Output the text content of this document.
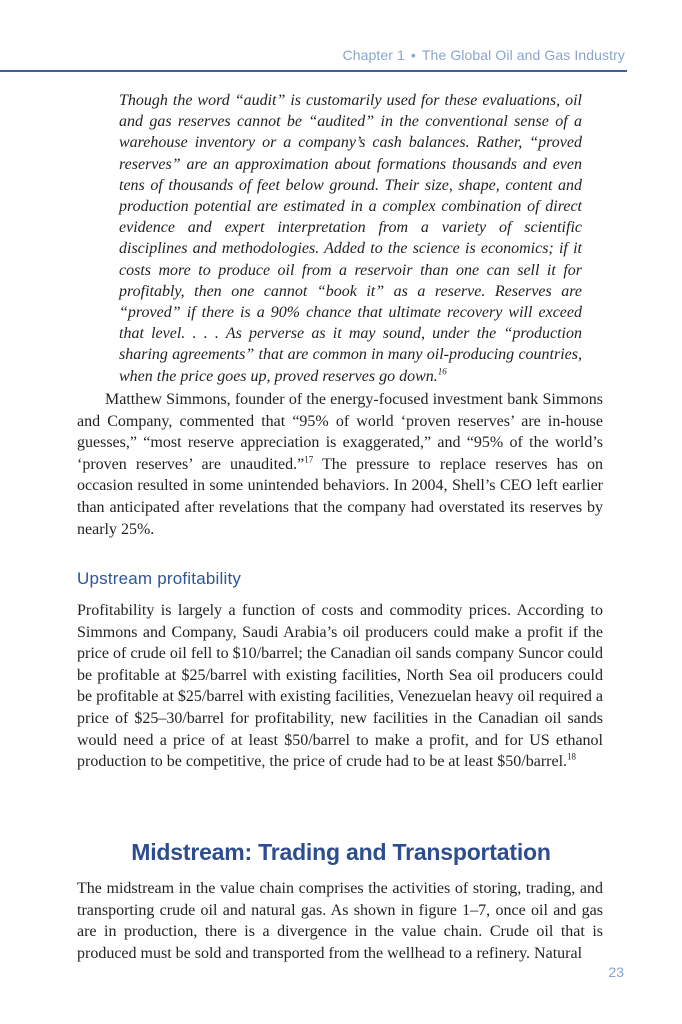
Chapter 1 • The Global Oil and Gas Industry
Though the word “audit” is customarily used for these evaluations, oil and gas reserves cannot be “audited” in the conventional sense of a warehouse inventory or a company’s cash balances. Rather, “proved reserves” are an approximation about formations thousands and even tens of thousands of feet below ground. Their size, shape, content and production potential are estimated in a complex combination of direct evidence and expert interpretation from a variety of scientific disciplines and methodologies. Added to the science is economics; if it costs more to produce oil from a reservoir than one can sell it for profitably, then one cannot “book it” as a reserve. Reserves are “proved” if there is a 90% chance that ultimate recovery will exceed that level. . . . As perverse as it may sound, under the “production sharing agreements” that are common in many oil-producing countries, when the price goes up, proved reserves go down.$^{16}$
Matthew Simmons, founder of the energy-focused investment bank Simmons and Company, commented that “95% of world ‘proven reserves’ are in-house guesses,” “most reserve appreciation is exaggerated,” and “95% of the world’s ‘proven reserves’ are unaudited.”$^{17}$ The pressure to replace reserves has on occasion resulted in some unintended behaviors. In 2004, Shell’s CEO left earlier than anticipated after revelations that the company had overstated its reserves by nearly 25%.
Upstream profitability
Profitability is largely a function of costs and commodity prices. According to Simmons and Company, Saudi Arabia’s oil producers could make a profit if the price of crude oil fell to $10/barrel; the Canadian oil sands company Suncor could be profitable at $25/barrel with existing facilities, North Sea oil producers could be profitable at $25/barrel with existing facilities, Venezuelan heavy oil required a price of $25–30/barrel for profitability, new facilities in the Canadian oil sands would need a price of at least $50/barrel to make a profit, and for US ethanol production to be competitive, the price of crude had to be at least $50/barrel.$^{18}$
Midstream: Trading and Transportation
The midstream in the value chain comprises the activities of storing, trading, and transporting crude oil and natural gas. As shown in figure 1–7, once oil and gas are in production, there is a divergence in the value chain. Crude oil that is produced must be sold and transported from the wellhead to a refinery. Natural
23
